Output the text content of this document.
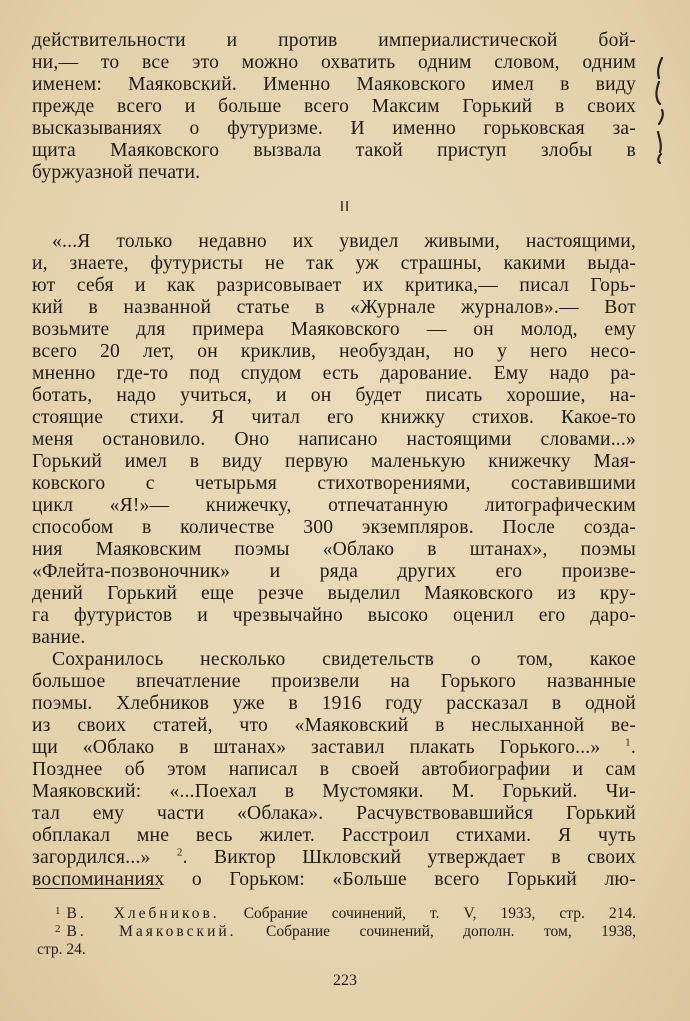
действительности и против империалистической бой-
ни,— то все это можно охватить одним словом, одним
именем: Маяковский. Именно Маяковского имел в виду
прежде всего и больше всего Максим Горький в своих
высказываниях о футуризме. И именно горьковская за-
щита Маяковского вызвала такой приступ злобы в
буржуазной печати.
II
«...Я только недавно их увидел живыми, настоящими,
и, знаете, футуристы не так уж страшны, какими выда-
ют себя и как разрисовывает их критика,— писал Горь-
кий в названной статье в «Журнале журналов».— Вот
возьмите для примера Маяковского — он молод, ему
всего 20 лет, он криклив, необуздан, но у него несо-
мненно где-то под спудом есть дарование. Ему надо ра-
ботать, надо учиться, и он будет писать хорошие, на-
стоящие стихи. Я читал его книжку стихов. Какое-то
меня остановило. Оно написано настоящими словами...»
Горький имел в виду первую маленькую книжечку Мая-
ковского с четырьмя стихотворениями, составившими
цикл «Я!»— книжечку, отпечатанную литографическим
способом в количестве 300 экземпляров. После созда-
ния Маяковским поэмы «Облако в штанах», поэмы
«Флейта-позвоночник» и ряда других его произве-
дений Горький еще резче выделил Маяковского из кру-
га футуристов и чрезвычайно высоко оценил его даро-
вание.
Сохранилось несколько свидетельств о том, какое
большое впечатление произвели на Горького названные
поэмы. Хлебников уже в 1916 году рассказал в одной
из своих статей, что «Маяковский в неслыханной ве-
щи «Облако в штанах» заставил плакать Горького...» $^1$.
Позднее об этом написал в своей автобиографии и сам
Маяковский: «...Поехал в Мустомяки. М. Горький. Чи-
тал ему части «Облака». Расчувствовавшийся Горький
обплакал мне весь жилет. Расстроил стихами. Я чуть
загордился...» $^2$. Виктор Шкловский утверждает в своих
воспоминаниях о Горьком: «Больше всего Горький лю-
$^1$ В. Хлебников. Собрание сочинений, т. V, 1933, стр. 214.
$^2$ В. Маяковский. Собрание сочинений, дополн. том, 1938,
стр. 24.
223
